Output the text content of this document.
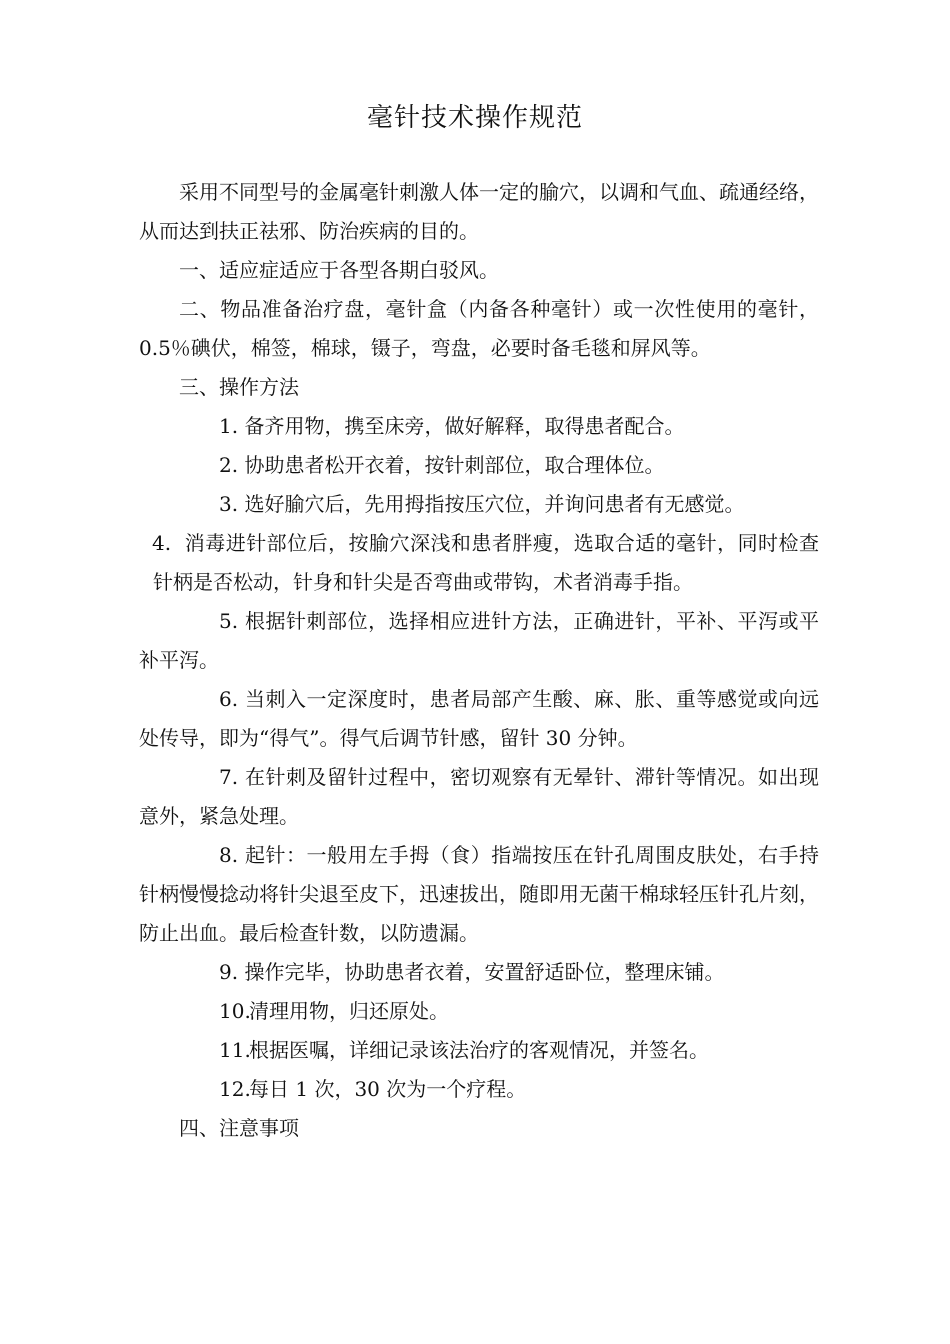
毫针技术操作规范

采用不同型号的金属毫针刺激人体一定的腧穴，以调和气血、疏通经络，从而达到扶正祛邪、防治疾病的目的。

一、适应症适应于各型各期白驳风。

二、物品准备治疗盘，毫针盒（内备各种毫针）或一次性使用的毫针，0.5％碘伏，棉签，棉球，镊子，弯盘，必要时备毛毯和屏风等。

三、操作方法

1. 备齐用物，携至床旁，做好解释，取得患者配合。

2. 协助患者松开衣着，按针刺部位，取合理体位。

3. 选好腧穴后，先用拇指按压穴位，并询问患者有无感觉。

4. 消毒进针部位后，按腧穴深浅和患者胖瘦，选取合适的毫针，同时检查针柄是否松动，针身和针尖是否弯曲或带钩，术者消毒手指。

5. 根据针刺部位，选择相应进针方法，正确进针，平补、平泻或平补平泻。

6. 当刺入一定深度时，患者局部产生酸、麻、胀、重等感觉或向远处传导，即为“得气”。得气后调节针感，留针 30 分钟。

7. 在针刺及留针过程中，密切观察有无晕针、滞针等情况。如出现意外，紧急处理。

8. 起针：一般用左手拇（食）指端按压在针孔周围皮肤处，右手持针柄慢慢捻动将针尖退至皮下，迅速拔出，随即用无菌干棉球轻压针孔片刻，防止出血。最后检查针数，以防遗漏。

9. 操作完毕，协助患者衣着，安置舒适卧位，整理床铺。

10.清理用物，归还原处。

11.根据医嘱，详细记录该法治疗的客观情况，并签名。

12.每日 1 次，30 次为一个疗程。

四、注意事项
